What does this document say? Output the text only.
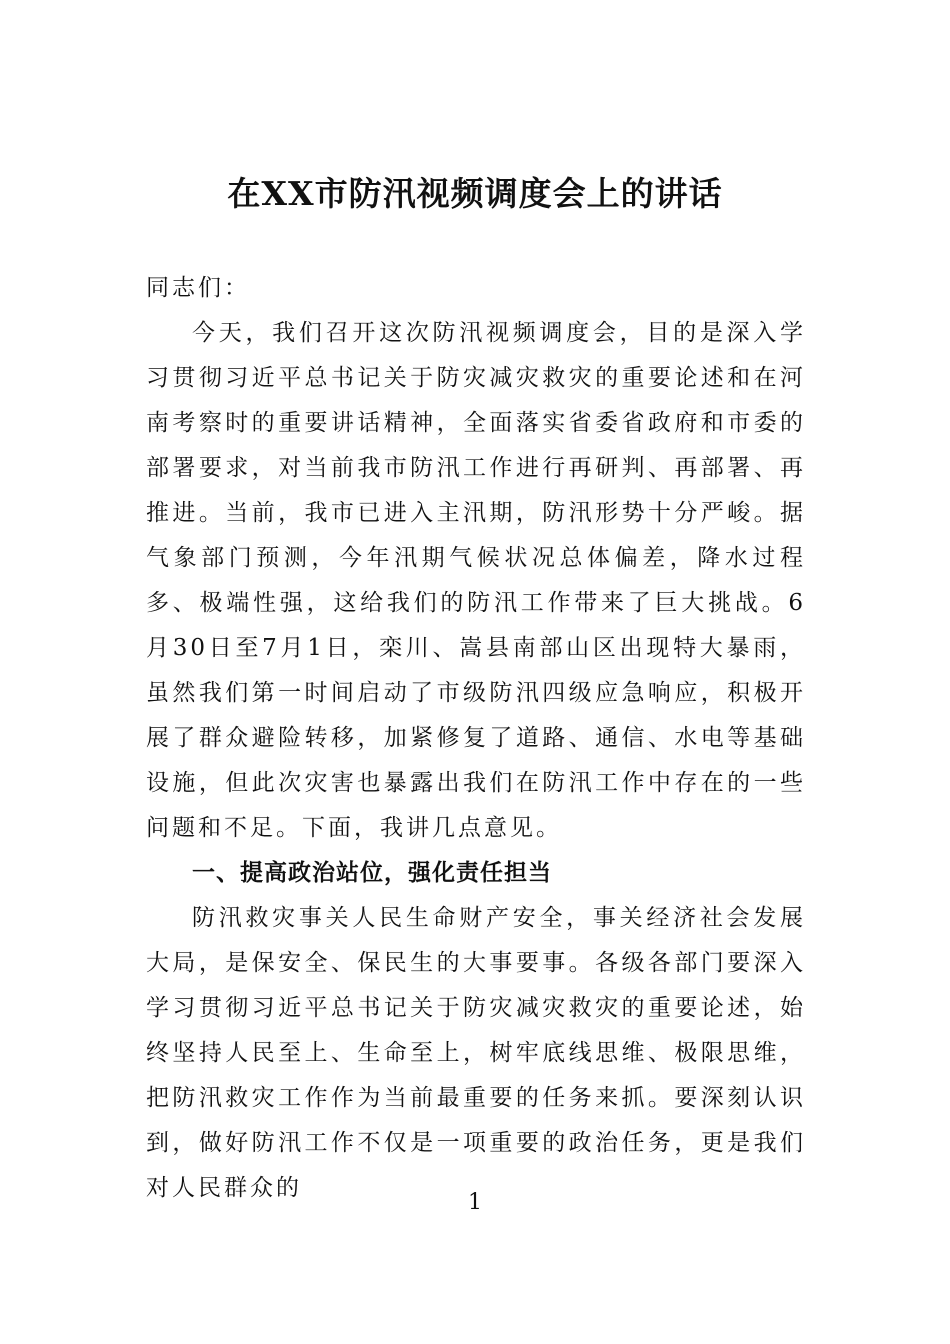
在XX市防汛视频调度会上的讲话

同志们：

今天，我们召开这次防汛视频调度会，目的是深入学习贯彻习近平总书记关于防灾减灾救灾的重要论述和在河南考察时的重要讲话精神，全面落实省委省政府和市委的部署要求，对当前我市防汛工作进行再研判、再部署、再推进。当前，我市已进入主汛期，防汛形势十分严峻。据气象部门预测，今年汛期气候状况总体偏差，降水过程多、极端性强，这给我们的防汛工作带来了巨大挑战。6月30日至7月1日，栾川、嵩县南部山区出现特大暴雨，虽然我们第一时间启动了市级防汛四级应急响应，积极开展了群众避险转移，加紧修复了道路、通信、水电等基础设施，但此次灾害也暴露出我们在防汛工作中存在的一些问题和不足。下面，我讲几点意见。

一、提高政治站位，强化责任担当

防汛救灾事关人民生命财产安全，事关经济社会发展大局，是保安全、保民生的大事要事。各级各部门要深入学习贯彻习近平总书记关于防灾减灾救灾的重要论述，始终坚持人民至上、生命至上，树牢底线思维、极限思维，把防汛救灾工作作为当前最重要的任务来抓。要深刻认识到，做好防汛工作不仅是一项重要的政治任务，更是我们对人民群众的

1
